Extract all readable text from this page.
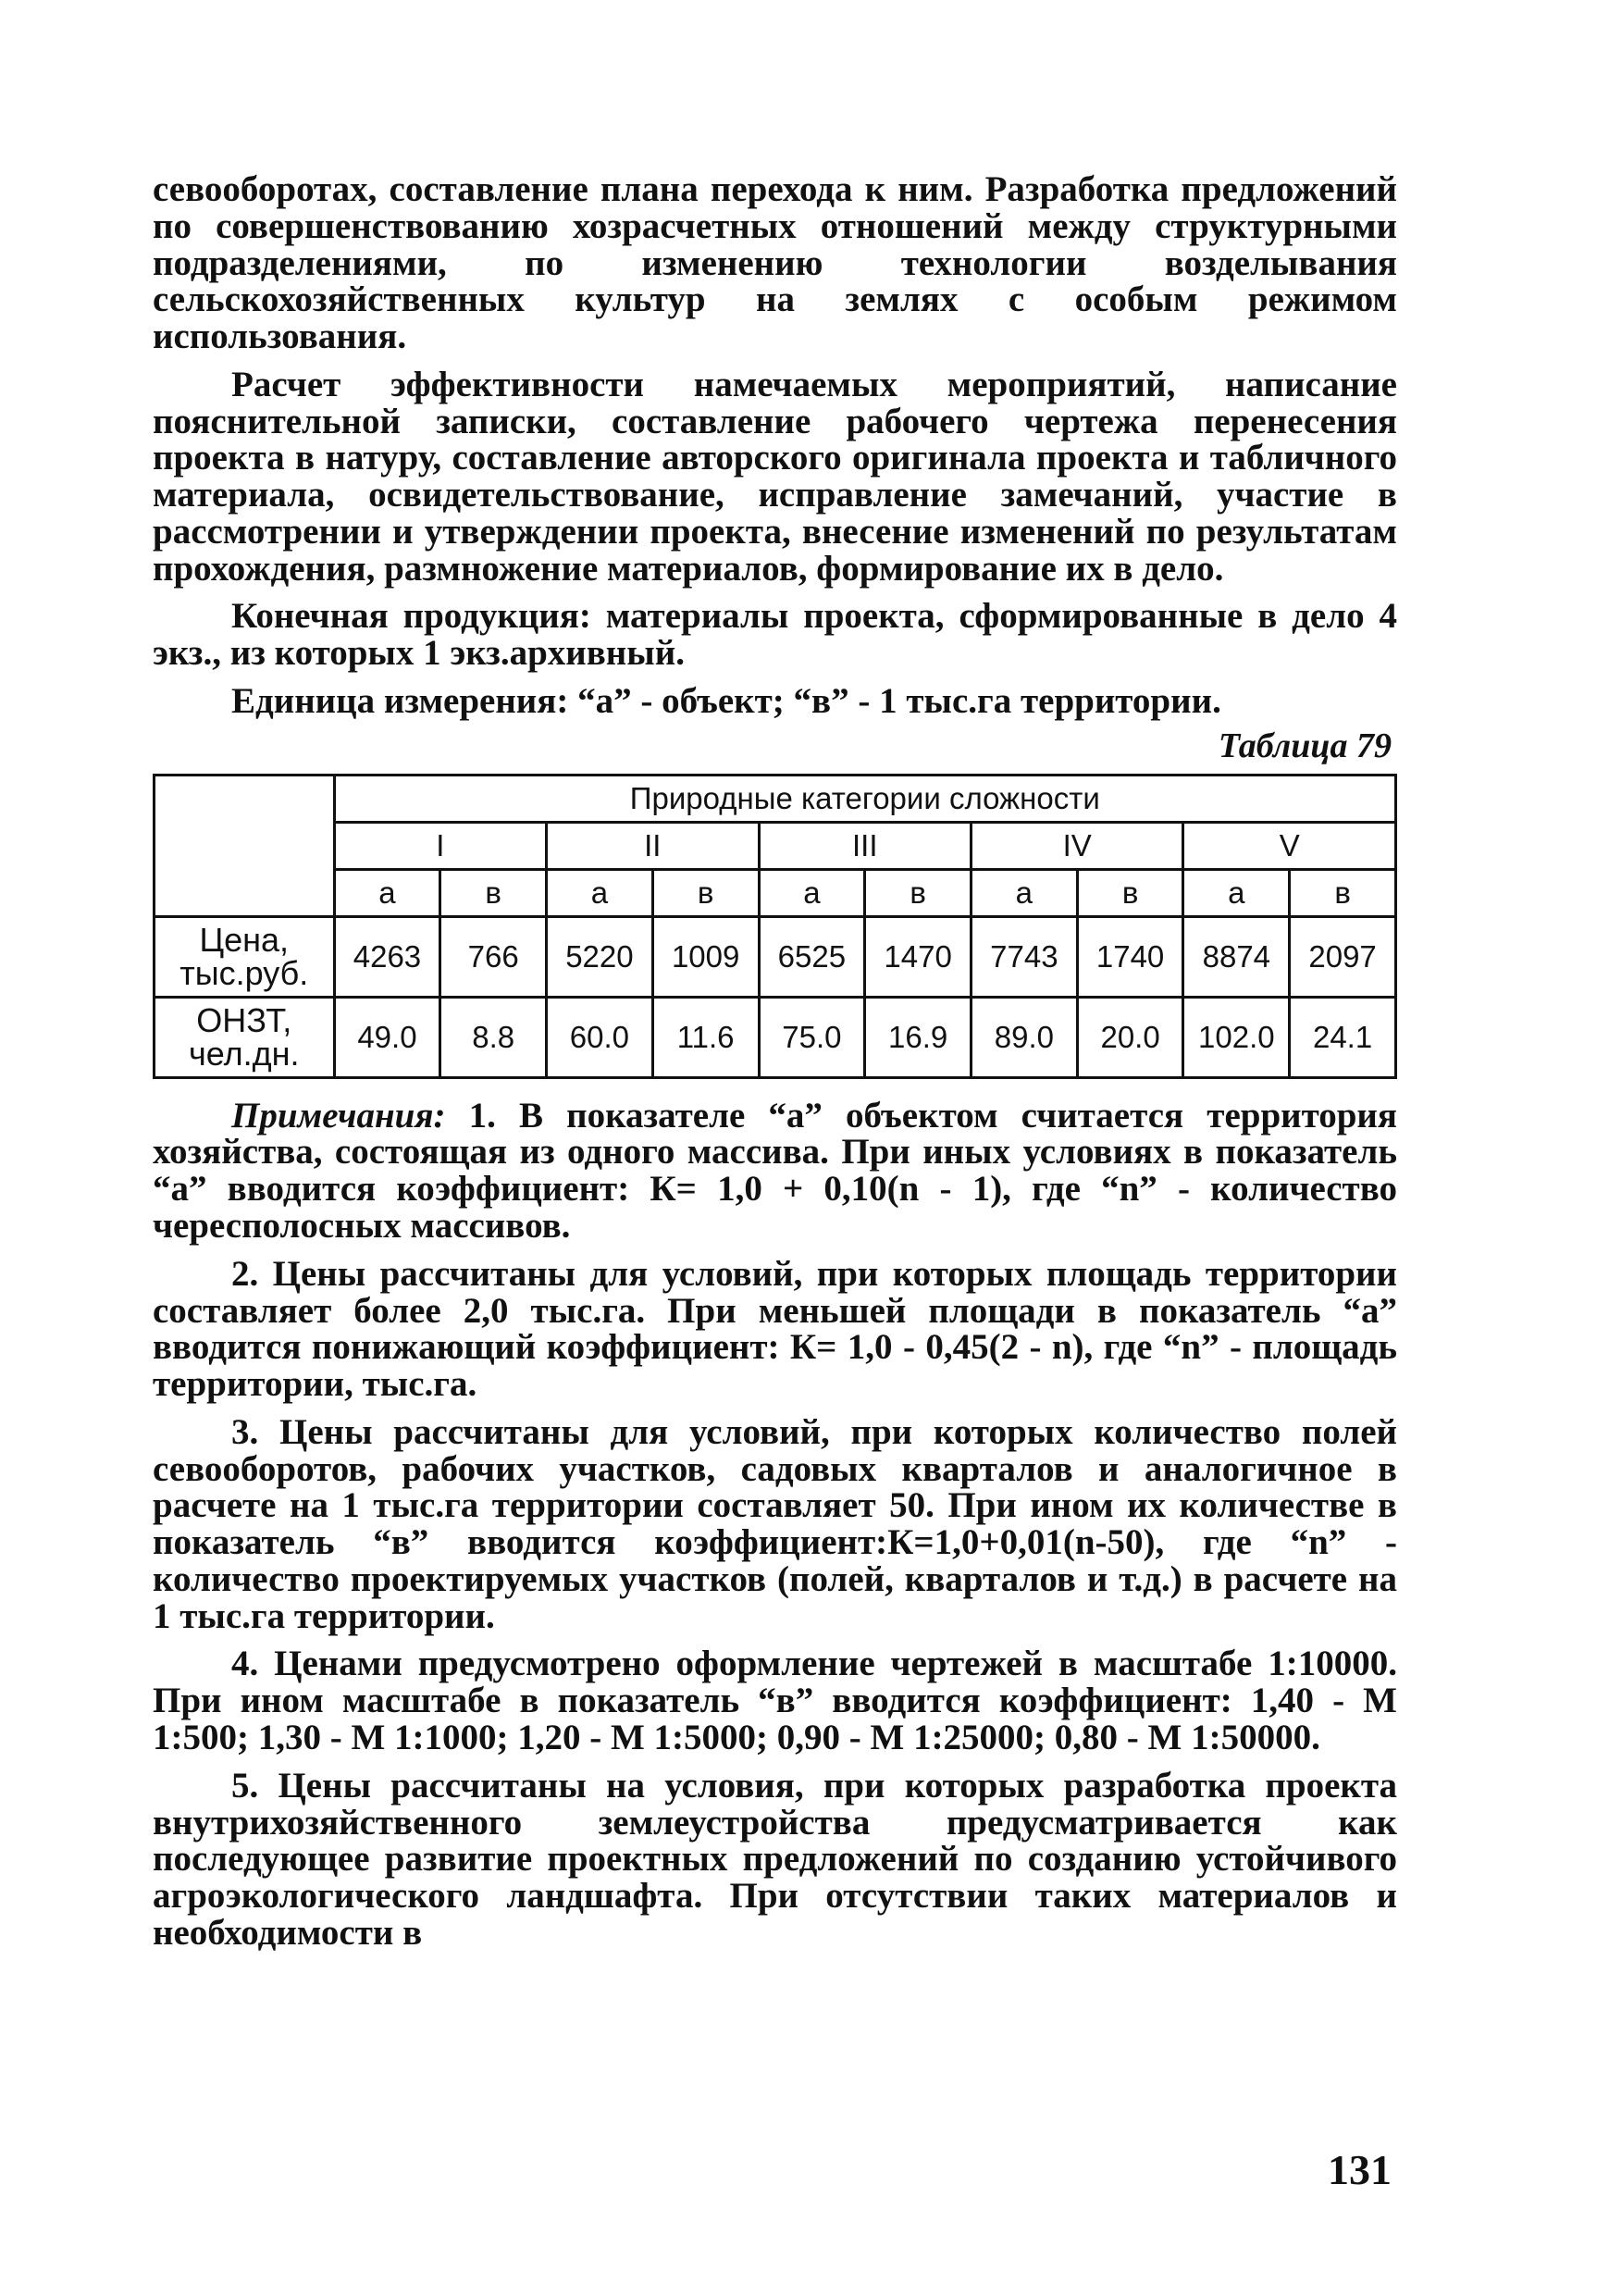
севооборотах, составление плана перехода к ним. Разработка предложений по совершенствованию хозрасчетных отношений между структурными подразделениями, по изменению технологии возделывания сельскохозяйственных культур на землях с особым режимом использования.

Расчет эффективности намечаемых мероприятий, написание пояснительной записки, составление рабочего чертежа перенесения проекта в натуру, составление авторского оригинала проекта и табличного материала, освидетельствование, исправление замечаний, участие в рассмотрении и утверждении проекта, внесение изменений по результатам прохождения, размножение материалов, формирование их в дело.

Конечная продукция: материалы проекта, сформированные в дело 4 экз., из которых 1 экз.архивный.

Единица измерения: “а” - объект; “в” - 1 тыс.га территории.

Таблица 79
	Природные категории сложности									
	I		II		III		IV		V	
	а	в	а	в	а	в	а	в	а	в
Цена, тыс.руб.	4263	766	5220	1009	6525	1470	7743	1740	8874	2097
ОНЗТ, чел.дн.	49.0	8.8	60.0	11.6	75.0	16.9	89.0	20.0	102.0	24.1

Примечания: 1. В показателе “а” объектом считается территория хозяйства, состоящая из одного массива. При иных условиях в показатель “а” вводится коэффициент: К= 1,0 + 0,10(n - 1), где “n” - количество чересполосных массивов.

2. Цены рассчитаны для условий, при которых площадь территории составляет более 2,0 тыс.га. При меньшей площади в показатель “а” вводится понижающий коэффициент: К= 1,0 - 0,45(2 - n), где “n” - площадь территории, тыс.га.

3. Цены рассчитаны для условий, при которых количество полей севооборотов, рабочих участков, садовых кварталов и аналогичное в расчете на 1 тыс.га территории составляет 50. При ином их количестве в показатель “в” вводится коэффициент:К=1,0+0,01(n-50), где “n” - количество проектируемых участков (полей, кварталов и т.д.) в расчете на 1 тыс.га территории.

4. Ценами предусмотрено оформление чертежей в масштабе 1:10000. При ином масштабе в показатель “в” вводится коэффициент: 1,40 - М 1:500; 1,30 - М 1:1000; 1,20 - М 1:5000; 0,90 - М 1:25000; 0,80 - М 1:50000.

5. Цены рассчитаны на условия, при которых разработка проекта внутрихозяйственного землеустройства предусматривается как последующее развитие проектных предложений по созданию устойчивого агроэкологического ландшафта. При отсутствии таких материалов и необходимости в

131
